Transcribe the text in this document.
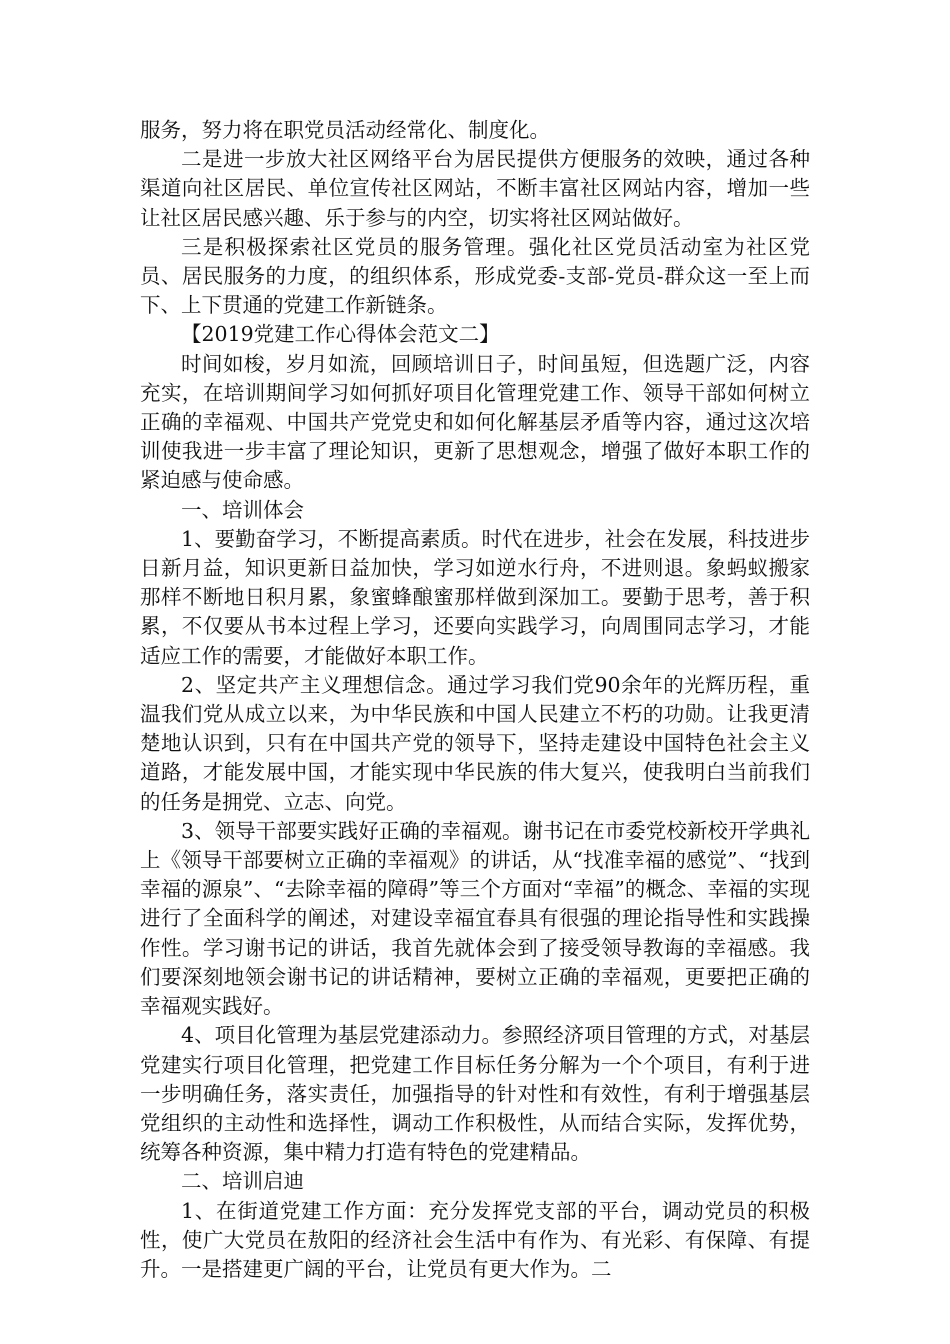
服务，努力将在职党员活动经常化、制度化。

二是进一步放大社区网络平台为居民提供方便服务的效映，通过各种渠道向社区居民、单位宣传社区网站，不断丰富社区网站内容，增加一些让社区居民感兴趣、乐于参与的内空，切实将社区网站做好。

三是积极探索社区党员的服务管理。强化社区党员活动室为社区党员、居民服务的力度，的组织体系，形成党委-支部-党员-群众这一至上而下、上下贯通的党建工作新链条。

【2019党建工作心得体会范文二】

时间如梭，岁月如流，回顾培训日子，时间虽短，但选题广泛，内容充实，在培训期间学习如何抓好项目化管理党建工作、领导干部如何树立正确的幸福观、中国共产党党史和如何化解基层矛盾等内容，通过这次培训使我进一步丰富了理论知识，更新了思想观念，增强了做好本职工作的紧迫感与使命感。

一、培训体会

1、要勤奋学习，不断提高素质。时代在进步，社会在发展，科技进步日新月益，知识更新日益加快，学习如逆水行舟，不进则退。象蚂蚁搬家那样不断地日积月累，象蜜蜂酿蜜那样做到深加工。要勤于思考，善于积累，不仅要从书本过程上学习，还要向实践学习，向周围同志学习，才能适应工作的需要，才能做好本职工作。

2、坚定共产主义理想信念。通过学习我们党90余年的光辉历程，重温我们党从成立以来，为中华民族和中国人民建立不朽的功勋。让我更清楚地认识到，只有在中国共产党的领导下，坚持走建设中国特色社会主义道路，才能发展中国，才能实现中华民族的伟大复兴，使我明白当前我们的任务是拥党、立志、向党。

3、领导干部要实践好正确的幸福观。谢书记在市委党校新校开学典礼上《领导干部要树立正确的幸福观》的讲话，从“找准幸福的感觉”、“找到幸福的源泉”、“去除幸福的障碍”等三个方面对“幸福”的概念、幸福的实现进行了全面科学的阐述，对建设幸福宜春具有很强的理论指导性和实践操作性。学习谢书记的讲话，我首先就体会到了接受领导教诲的幸福感。我们要深刻地领会谢书记的讲话精神，要树立正确的幸福观，更要把正确的幸福观实践好。

4、项目化管理为基层党建添动力。参照经济项目管理的方式，对基层党建实行项目化管理，把党建工作目标任务分解为一个个项目，有利于进一步明确任务，落实责任，加强指导的针对性和有效性，有利于增强基层党组织的主动性和选择性，调动工作积极性，从而结合实际，发挥优势，统筹各种资源，集中精力打造有特色的党建精品。

二、培训启迪

1、在街道党建工作方面：充分发挥党支部的平台，调动党员的积极性，使广大党员在敖阳的经济社会生活中有作为、有光彩、有保障、有提升。一是搭建更广阔的平台，让党员有更大作为。二
